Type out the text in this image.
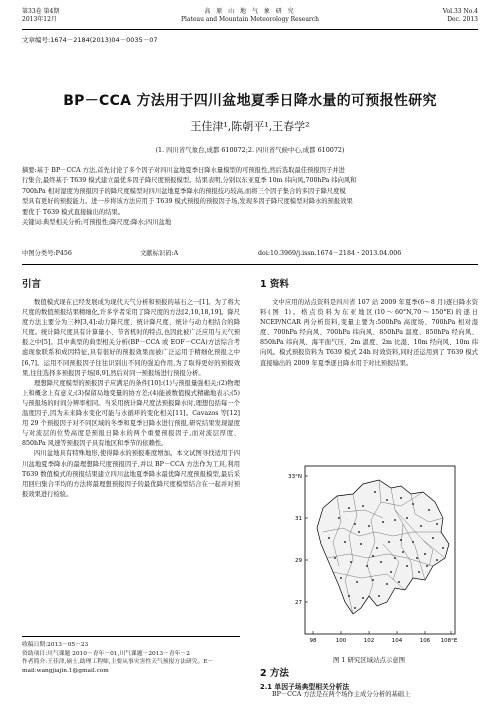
第33卷 第4期
2013年12月
高 原 山 地 气 象 研 究
Plateau and Mountain Meteorology Research
Vol.33 No.4
Dec. 2013
文章编号:1674－2184(2013)04－0035－07
BP－CCA 方法用于四川盆地夏季日降水量的可预报性研究
王佳津¹,陈朝平¹,王春学²
(1. 四川省气象台,成都 610072;2. 四川省气候中心,成都 610072)
摘要:基于 BP－CCA 方法,首先讨论了多个因子对四川盆地夏季日降水量模型的可预报性,然后选取最佳预报因子并进
行集合,最终基于 T639 模式建立最优多因子降尺度预报模型。结果表明,分别以东亚夏季 10m 纬向风,700hPa 纬向风和
700hPa 相对湿度为预报因子的降尺度模型对四川盆地夏季降水的预报技巧较高,而将三个因子集合的多因子降尺度模
型具有更好的预报能力。进一步将该方法应用于 T639 模式预报的预报因子场,发现多因子降尺度模型对降水的预报效果
要优于 T639 模式直接输出的结果。
关键词:典型相关分析;可预报性;降尺度;降水;四川盆地
中图分类号:P456	文献标识码:A	doi:10.3969/j.issn.1674－2184・2013.04.006
引言

数值模式现在已经发展成为现代天气分析和预报的基石之一[1]。为了将大尺度的数值预报结果精细化,许多学者采用了降尺度的方法[2,10,18,19]。降尺度方法主要分为三种[3,4]:动力降尺度、统计降尺度、统计与动力相结合的降尺度。统计降尺度具有计算量小、节省机时的特点,也因此被广泛应用与天气预报之中[5]。其中典型的典型相关分析(BP－CCA 或 EOF－CCA)方法综合考虑现象联系和成因特征,具有很好的预报效果而被广泛运用于精细化预报之中[6,7]。运用不同预报因子往往识别出不同的强迫作用,为了取得更好的预报效果,往往选择多预报因子场[8,9],然后对同一预报场进行预报分析。

理想降尺度模型的预报因子应满足的条件[10]:(1)与预报量强相关;(2)物理上和概念上有意义;(3)保留局地变量的协方差;(4)能被数值模式精确地表示;(5)与预报场的时间分辨率相同。当采用统计降尺度法预报降水时,理想包括每一个温度因子,因为未来降水变化可能与水循环的变化相关[11]。Cavazos 等[12]用 29 个预报因子对不同区域的冬季和夏季日降水进行预报,研究结果发现湿度与对流层的位势高度是预报日降水的两个重要预报因子,而对流层厚度、850hPa 风速等预报因子具有地区和季节的依赖性。

四川盆地具有特殊地形,使得降水的预报难度增加。本文试图寻找适用于四川盆地夏季降水的最理想降尺度预报因子,并以 BP－CCA 方法作为工具,利用 T639 数值模式的预报结果建立四川盆地夏季降水最优降尺度预报模型,最后采用回归集合平均的方法将最理想预报因子的最优降尺度模型结合在一起并对预报效果进行检验。

1 资料

文中应用的站点资料是四川省 107 站 2009 年夏季(6～8 月)逐日降水资料(图 1)。格点资料为东亚地区(10～60°N,70～150°E)的逐日 NCEP/NCAR 再分析资料,变量主要为:500hPa 高度场、700hPa 相对湿度、700hPa 经向风、700hPa 纬向风、850hPa 温度、850hPa 经向风、850hPa 纬向风、海平面气压、2m 温度、2m 比湿、10m 经向风、10m 纬向风。模式预报资料为 T639 模式 24h 时效资料,同时还运用到了 T639 模式直接输出的 2009 年夏季逐日降水用于对比预报结果。

33°N
31
29
27
98	100	102	104	106 108°E
图 1 研究区域站点示意图
收稿日期:2013－05－23
资助项目:川气课题 2010－青年－01,川气课题－2013－青年－2
作者简介:王佳津,硕士,助理工程师,主要从事灾害性天气预报方法研究。E－mail:wangjiajin.1@gmail.com	2 方法
2.1 单因子场典型相关分析法
BP－CCA 方法是在两个场作主成分分析的基础上
